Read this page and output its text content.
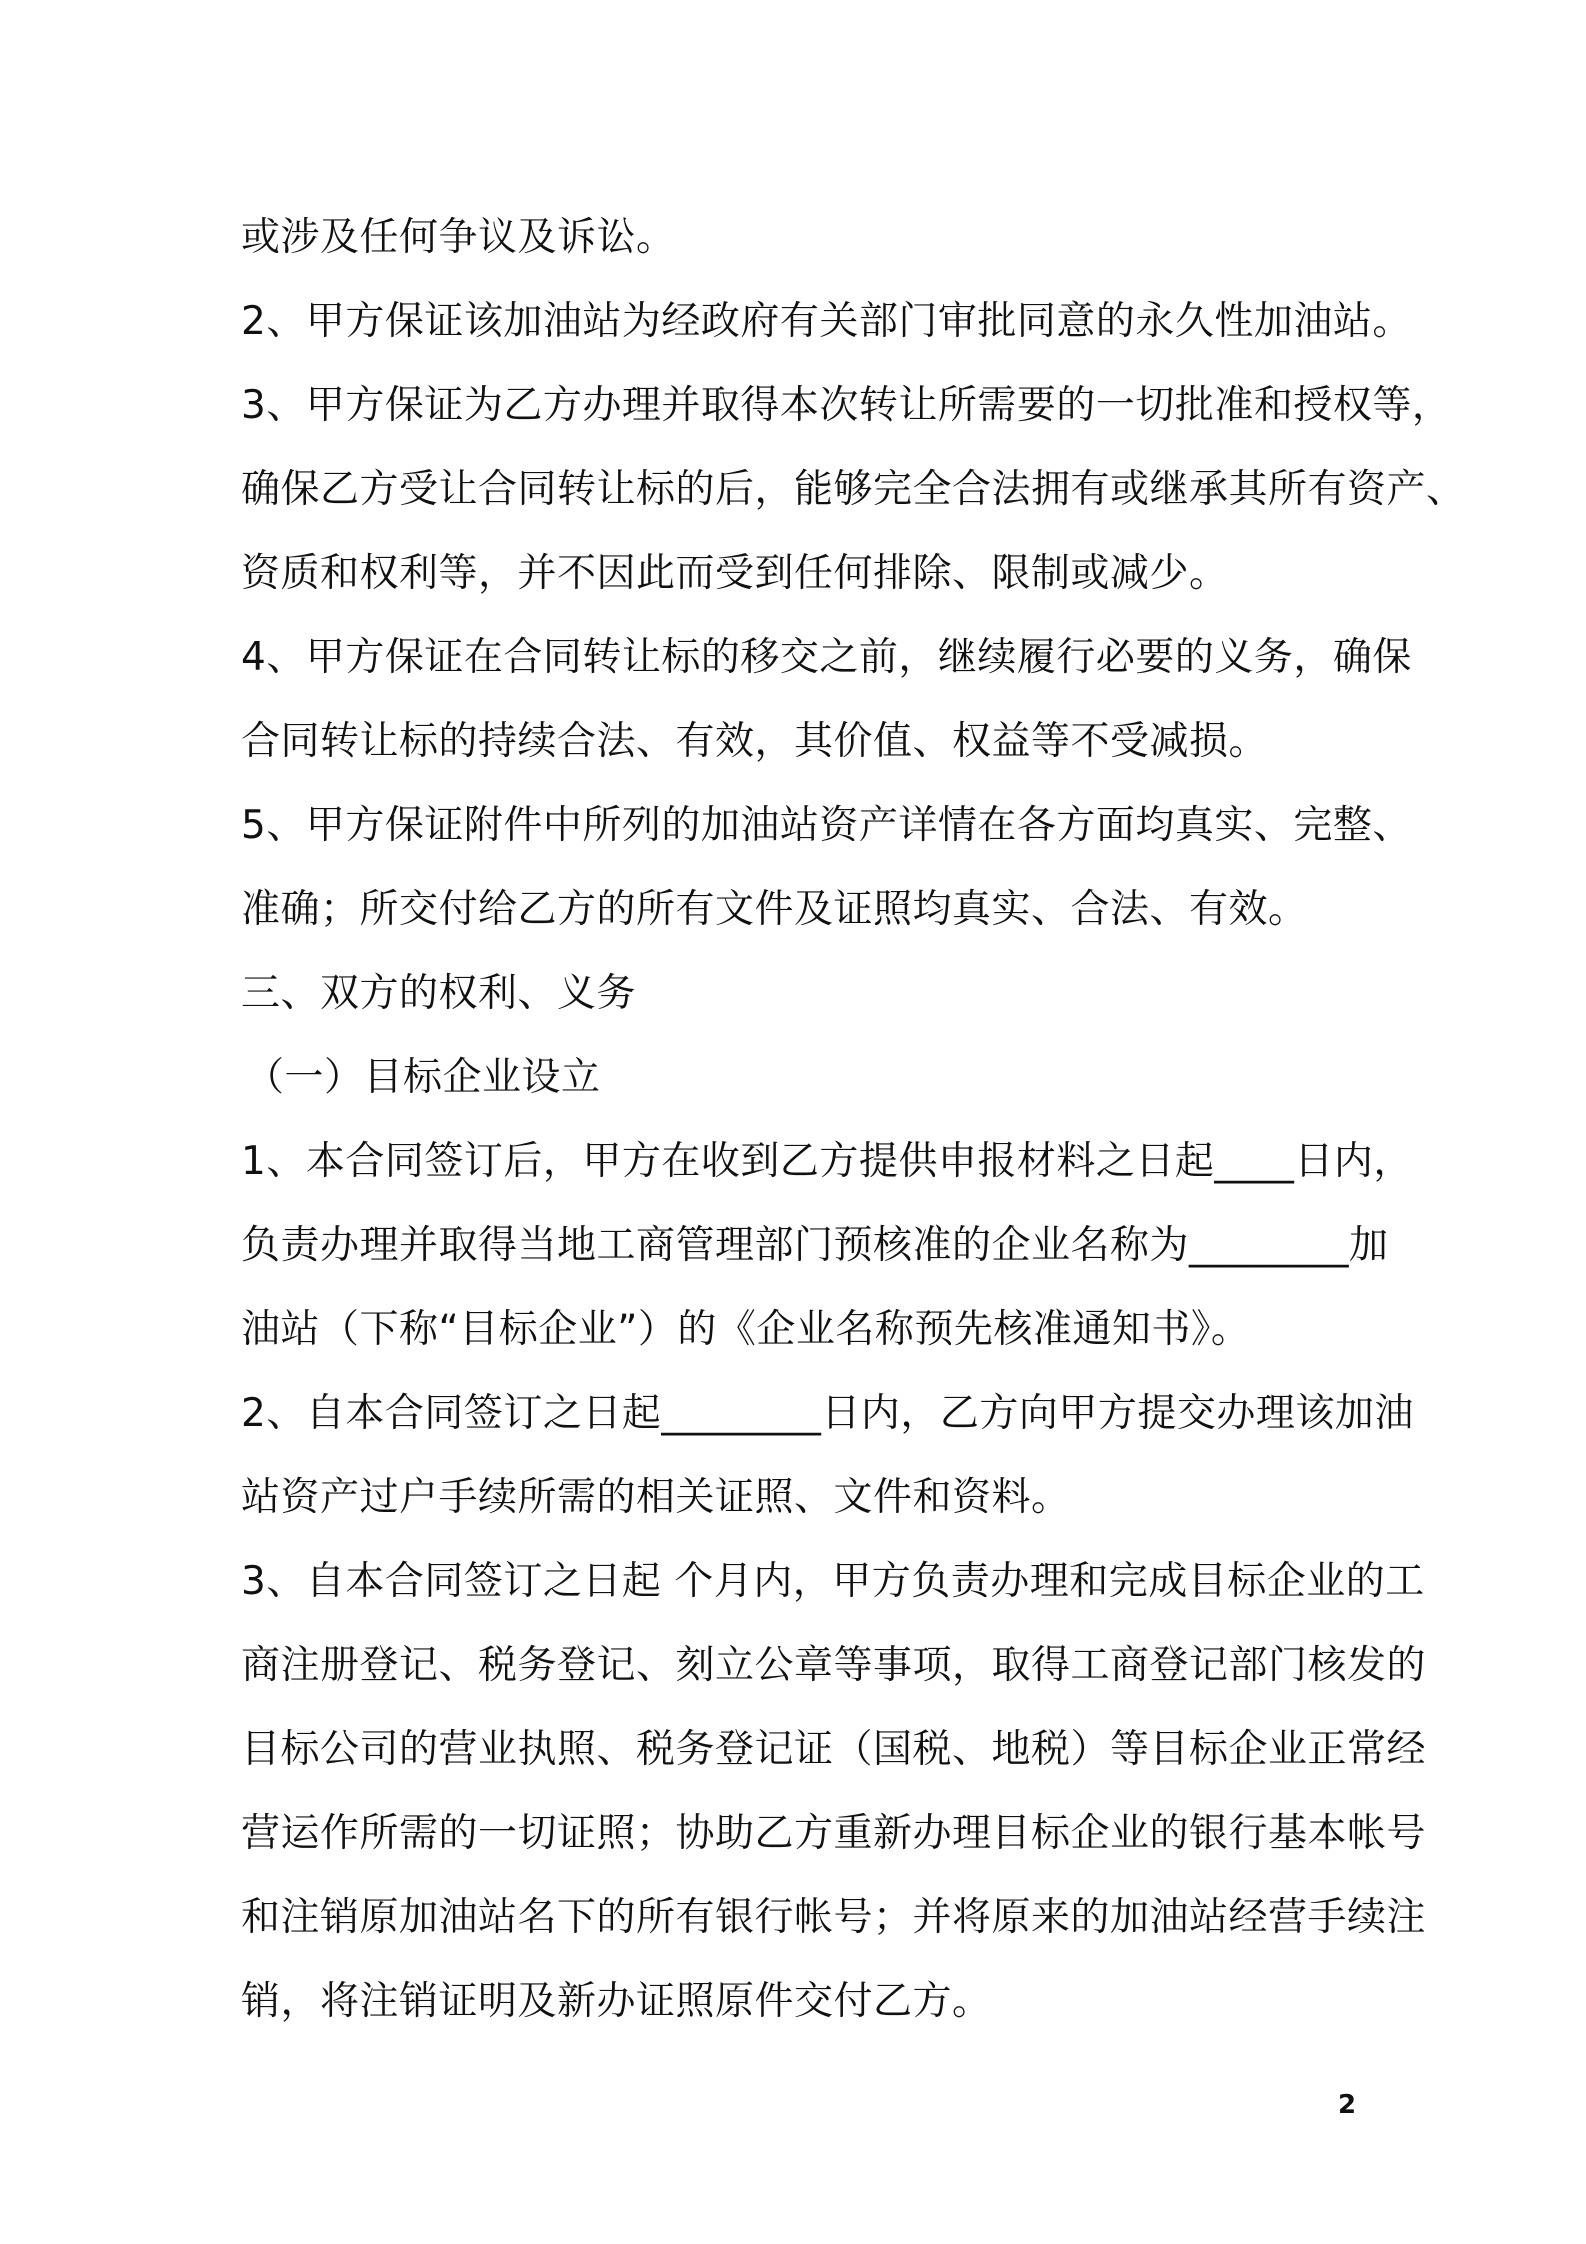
或涉及任何争议及诉讼。
2、甲方保证该加油站为经政府有关部门审批同意的永久性加油站。
3、甲方保证为乙方办理并取得本次转让所需要的一切批准和授权等，
确保乙方受让合同转让标的后，能够完全合法拥有或继承其所有资产、
资质和权利等，并不因此而受到任何排除、限制或减少。
4、甲方保证在合同转让标的移交之前，继续履行必要的义务，确保
合同转让标的持续合法、有效，其价值、权益等不受减损。
5、甲方保证附件中所列的加油站资产详情在各方面均真实、完整、
准确；所交付给乙方的所有文件及证照均真实、合法、有效。
三、双方的权利、义务
（一）目标企业设立
1、本合同签订后，甲方在收到乙方提供申报材料之日起____日内，
负责办理并取得当地工商管理部门预核准的企业名称为________加
油站（下称“目标企业”）的《企业名称预先核准通知书》。
2、自本合同签订之日起________日内，乙方向甲方提交办理该加油
站资产过户手续所需的相关证照、文件和资料。
3、自本合同签订之日起 个月内，甲方负责办理和完成目标企业的工
商注册登记、税务登记、刻立公章等事项，取得工商登记部门核发的
目标公司的营业执照、税务登记证（国税、地税）等目标企业正常经
营运作所需的一切证照；协助乙方重新办理目标企业的银行基本帐号
和注销原加油站名下的所有银行帐号；并将原来的加油站经营手续注
销，将注销证明及新办证照原件交付乙方。
2
